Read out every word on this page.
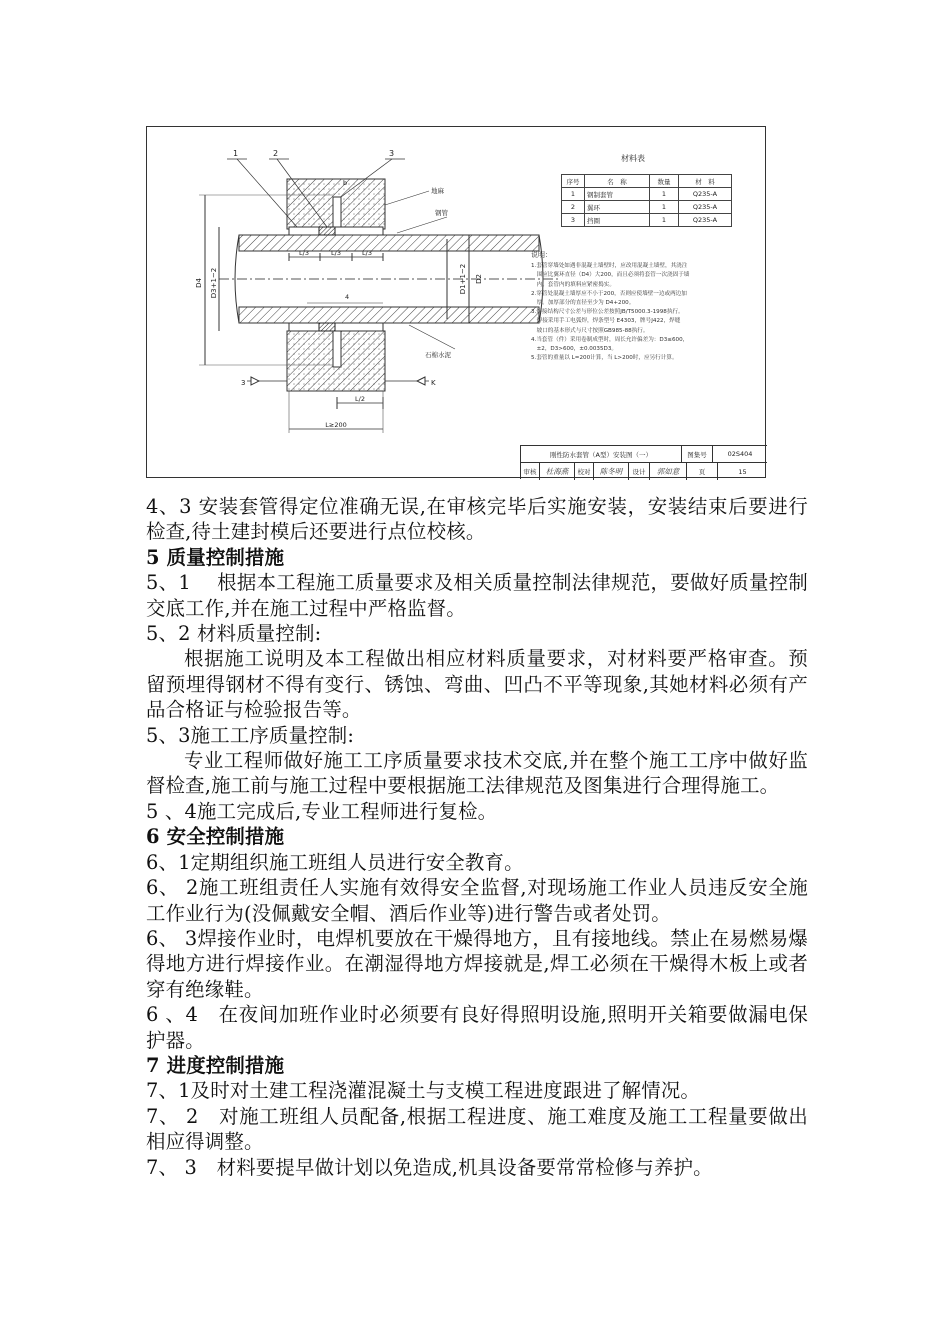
D4 D3+1~2	D1+1~2 D2
L/3	L/3	L/3
4
b
L/2
L≥200
1	2	3
地麻
钢管
石棉水泥
3	K
材料表
序号	名　称	数量	材　料
1	钢制套管	1	Q235-A
2	翼环	1	Q235-A
3	挡圈	1	Q235-A
说明：

1.套管穿墙处如遇非混凝土墙壁时，应改用混凝土墙壁，其浇注

　围应比翼环直径（D4）大200，而且必须将套管一次浇固于墙

　内。套管内的填料应紧密捣实。

2.穿管处混凝土墙厚应不小于200，否则应使墙壁一边或两边加

　厚。加厚部分的直径至少为 D4+200。

3.焊接结构尺寸公差与形位公差按照JB/T5000.3-1998执行。

　焊接采用手工电弧焊，焊条型号 E4303，牌号J422，焊缝

　坡口的基本形式与尺寸按照GB985-88执行。

4.当套管（件）采用卷制成型时，周长允许偏差为：D3≤600，

　±2，D3>600，±0.0035D3。

5.套管的重量以 L=200计算，当 L>200时，应另行计算。

刚性防水套管（A型）安装图（一）	图集号	02S404
审核	杜海燕	校对	陈冬明	设计	郭如意	页	15

4、3 安装套管得定位准确无误,在审核完毕后实施安装，安装结束后要进行检查,待土建封模后还要进行点位校核。

5 质量控制措施

5、1　 根据本工程施工质量要求及相关质量控制法律规范，要做好质量控制交底工作,并在施工过程中严格监督。

5、2 材料质量控制:

根据施工说明及本工程做出相应材料质量要求，对材料要严格审查。预留预埋得钢材不得有变行、锈蚀、弯曲、凹凸不平等现象,其她材料必须有产品合格证与检验报告等。

5、3施工工序质量控制:

专业工程师做好施工工序质量要求技术交底,并在整个施工工序中做好监督检查,施工前与施工过程中要根据施工法律规范及图集进行合理得施工。

5 、4施工完成后,专业工程师进行复检。

6 安全控制措施

6、1定期组织施工班组人员进行安全教育。

6、 2施工班组责任人实施有效得安全监督,对现场施工作业人员违反安全施工作业行为(没佩戴安全帽、酒后作业等)进行警告或者处罚。

6、 3焊接作业时，电焊机要放在干燥得地方，且有接地线。禁止在易燃易爆得地方进行焊接作业。在潮湿得地方焊接就是,焊工必须在干燥得木板上或者穿有绝缘鞋。

6 、4　在夜间加班作业时必须要有良好得照明设施,照明开关箱要做漏电保护器。

7 进度控制措施

7、1及时对土建工程浇灌混凝土与支模工程进度跟进了解情况。

7、 2　对施工班组人员配备,根据工程进度、施工难度及施工工程量要做出相应得调整。

7、 3　材料要提早做计划以免造成,机具设备要常常检修与养护。
